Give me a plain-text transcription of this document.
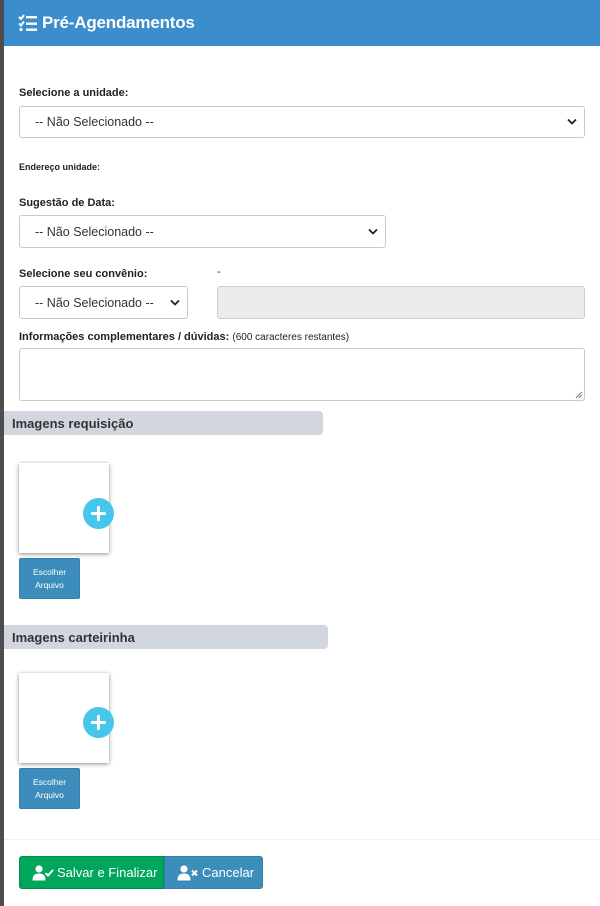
Pré-Agendamentos
Selecione a unidade:
-- Não Selecionado --
Endereço unidade:
Sugestão de Data:
-- Não Selecionado --
Selecione seu convênio:	-
-- Não Selecionado --
Informações complementares / dúvidas: (600 caracteres restantes)
Imagens requisição
Escolher
Arquivo
Imagens carteirinha
Escolher
Arquivo
Salvar e Finalizar	Cancelar
